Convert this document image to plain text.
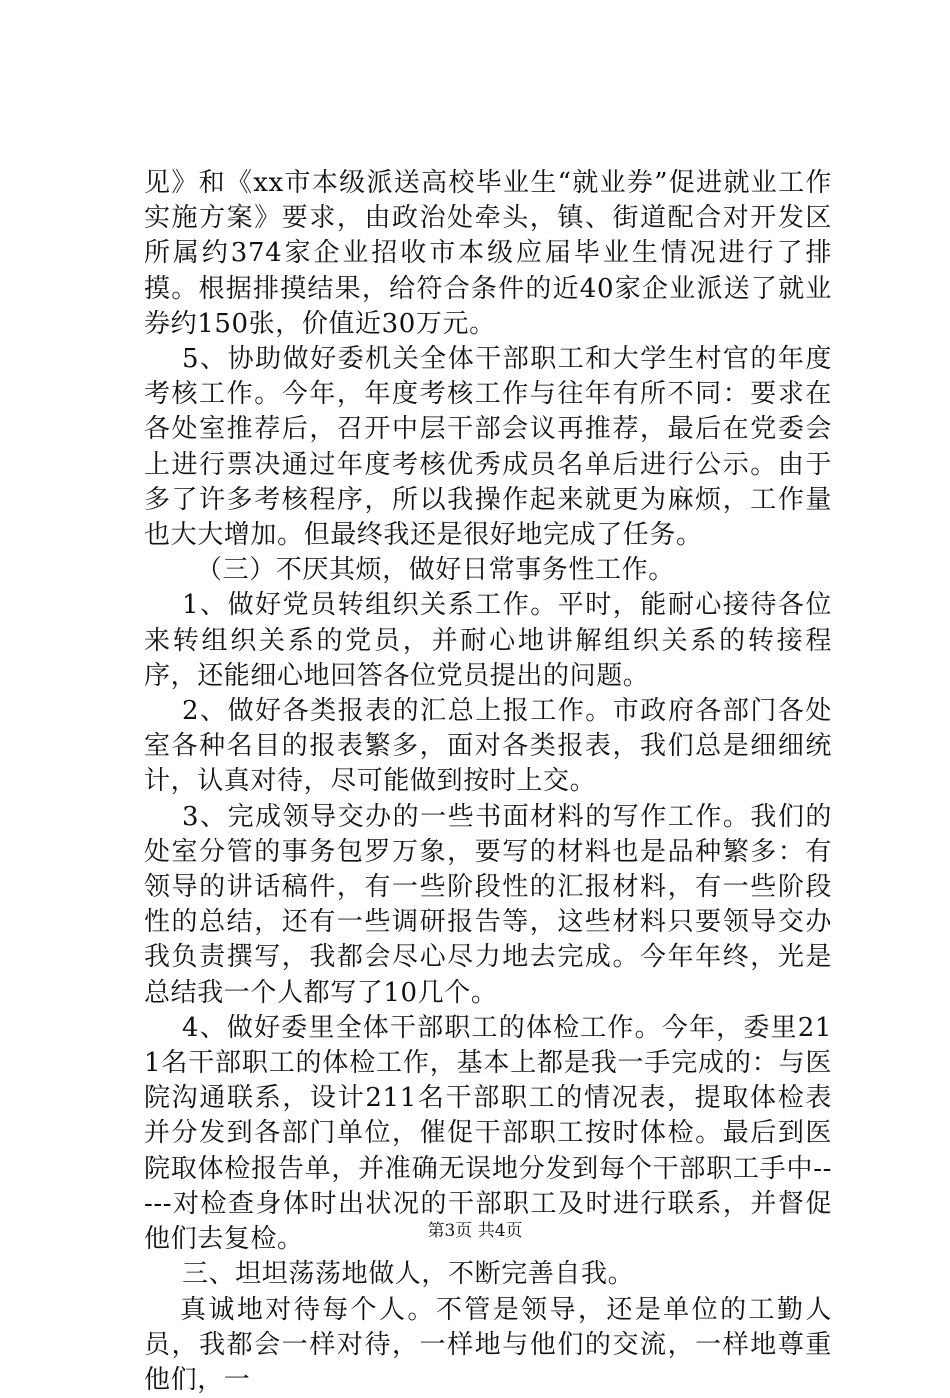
见》和《xx市本级派送高校毕业生“就业券”促进就业工作实施方案》要求，由政治处牵头，镇、街道配合对开发区所属约374家企业招收市本级应届毕业生情况进行了排摸。根据排摸结果，给符合条件的近40家企业派送了就业券约150张，价值近30万元。

5、协助做好委机关全体干部职工和大学生村官的年度考核工作。今年，年度考核工作与往年有所不同：要求在各处室推荐后，召开中层干部会议再推荐，最后在党委会上进行票决通过年度考核优秀成员名单后进行公示。由于多了许多考核程序，所以我操作起来就更为麻烦，工作量也大大增加。但最终我还是很好地完成了任务。

（三）不厌其烦，做好日常事务性工作。

1、做好党员转组织关系工作。平时，能耐心接待各位来转组织关系的党员，并耐心地讲解组织关系的转接程序，还能细心地回答各位党员提出的问题。

2、做好各类报表的汇总上报工作。市政府各部门各处室各种名目的报表繁多，面对各类报表，我们总是细细统计，认真对待，尽可能做到按时上交。

3、完成领导交办的一些书面材料的写作工作。我们的处室分管的事务包罗万象，要写的材料也是品种繁多：有领导的讲话稿件，有一些阶段性的汇报材料，有一些阶段性的总结，还有一些调研报告等，这些材料只要领导交办我负责撰写，我都会尽心尽力地去完成。今年年终，光是总结我一个人都写了10几个。

4、做好委里全体干部职工的体检工作。今年，委里211名干部职工的体检工作，基本上都是我一手完成的：与医院沟通联系，设计211名干部职工的情况表，提取体检表并分发到各部门单位，催促干部职工按时体检。最后到医院取体检报告单，并准确无误地分发到每个干部职工手中-----对检查身体时出状况的干部职工及时进行联系，并督促他们去复检。

三、坦坦荡荡地做人，不断完善自我。

真诚地对待每个人。不管是领导，还是单位的工勤人员，我都会一样对待，一样地与他们的交流，一样地尊重他们，一

第3页 共4页
